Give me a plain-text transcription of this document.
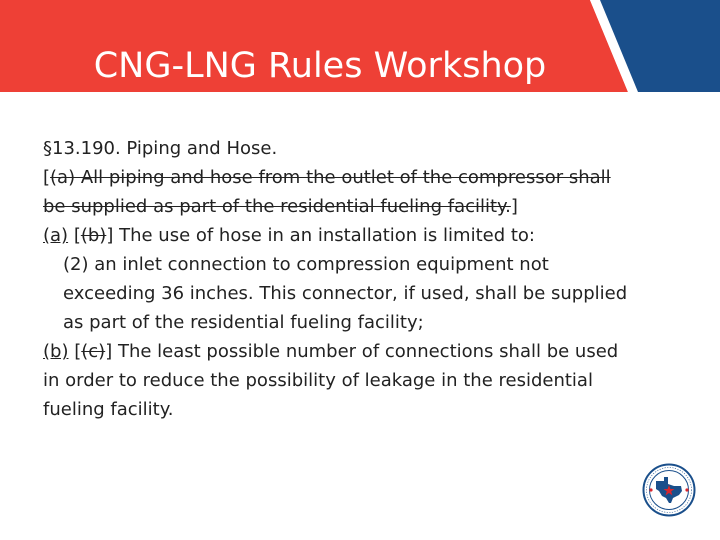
CNG-LNG Rules Workshop

§13.190. Piping and Hose.

[(a) All piping and hose from the outlet of the compressor shall

be supplied as part of the residential fueling facility.]

(a) [(b)] The use of hose in an installation is limited to:

(2) an inlet connection to compression equipment not

exceeding 36 inches. This connector, if used, shall be supplied

as part of the residential fueling facility;

(b) [(c)] The least possible number of connections shall be used

in order to reduce the possibility of leakage in the residential

fueling facility.
